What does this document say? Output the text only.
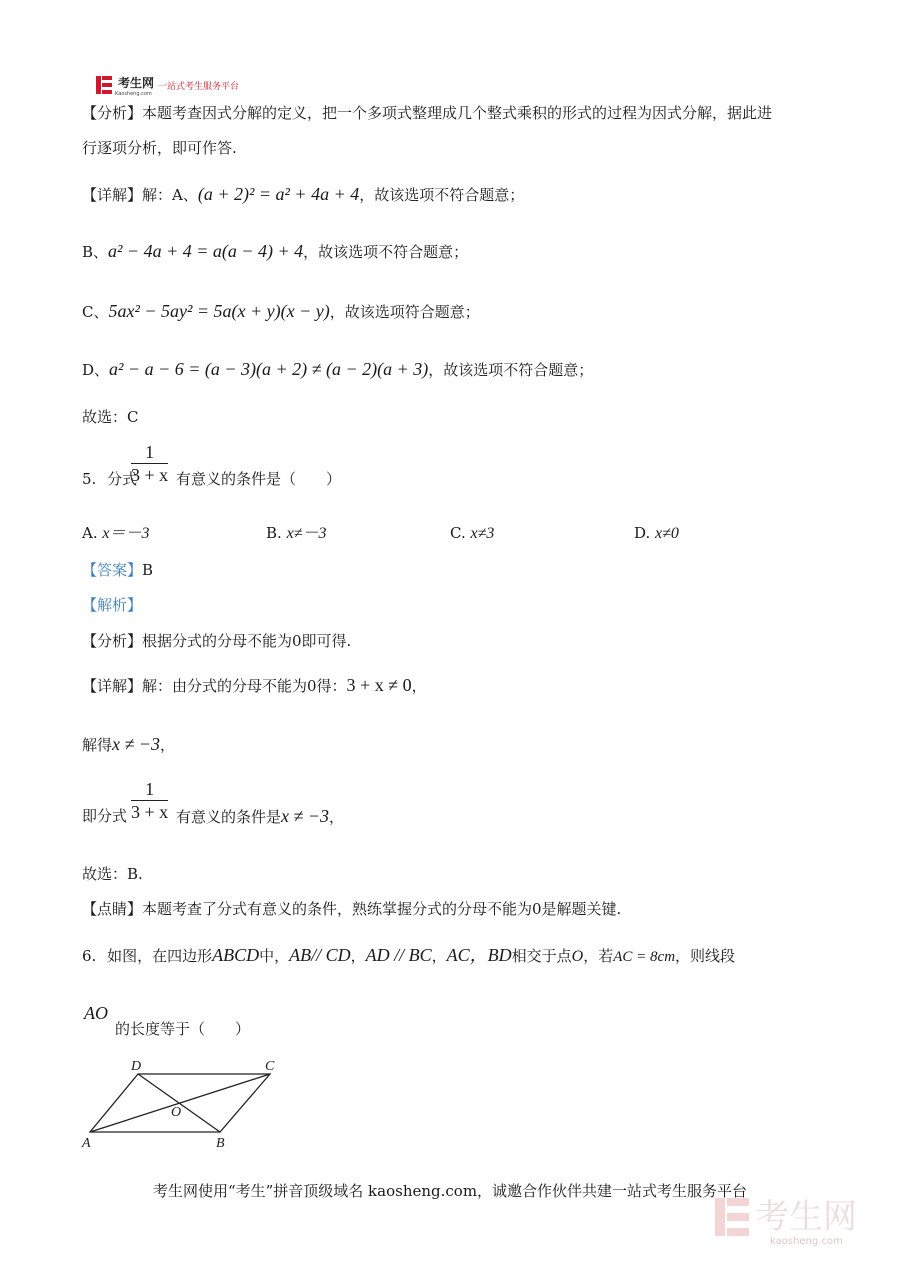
考生网
Kaosheng.com
一站式考生服务平台
【分析】本题考查因式分解的定义，把一个多项式整理成几个整式乘积的形式的过程为因式分解，据此进
行逐项分析，即可作答.
【详解】解：A、(a + 2)² = a² + 4a + 4，故该选项不符合题意；
B、a² − 4a + 4 = a(a − 4) + 4，故该选项不符合题意；
C、5ax² − 5ay² = 5a(x + y)(x − y)，故该选项符合题意；
D、a² − a − 6 = (a − 3)(a + 2) ≠ (a − 2)(a + 3)，故该选项不符合题意；
故选：C
5. 分式
$\frac{1}{3 + x}$ 有意义的条件是（　　）
A. x＝－3	B. x≠－3	C. x≠3	D. x≠0
【答案】B
【解析】
【分析】根据分式的分母不能为0即可得.
【详解】解：由分式的分母不能为0得：3 + x ≠ 0，
解得x ≠ −3，
即分式 $\frac{1}{3 + x}$ 有意义的条件是x ≠ −3，
故选：B.
【点睛】本题考查了分式有意义的条件，熟练掌握分式的分母不能为0是解题关键.
6. 如图，在四边形ABCD中，AB// CD，AD // BC，AC，BD相交于点O，若AC = 8cm，则线段
AO
的长度等于（　　）
A	B
C
D
O
考生网使用“考生”拼音顶级域名 kaosheng.com，诚邀合作伙伴共建一站式考生服务平台
考生网
kaosheng.com
